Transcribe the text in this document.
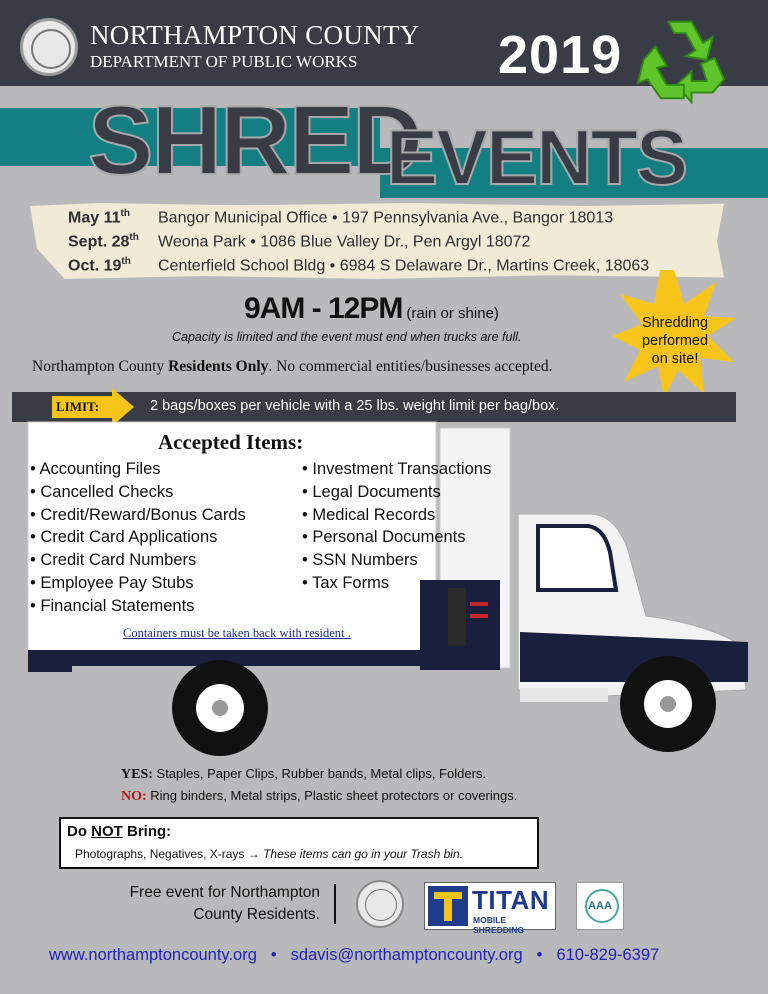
NORTHAMPTON COUNTY
DEPARTMENT OF PUBLIC WORKS	2019
SHRED
EVENTS
May 11th Bangor Municipal Office • 197 Pennsylvania Ave., Bangor 18013
Sept. 28th Weona Park • 1086 Blue Valley Dr., Pen Argyl 18072
Oct. 19th Centerfield School Bldg • 6984 S Delaware Dr., Martins Creek, 18063
9AM - 12PM (rain or shine)
Capacity is limited and the event must end when trucks are full.
Shredding
performed
on site!
Northampton County Residents Only. No commercial entities/businesses accepted.
LIMIT:	2 bags/boxes per vehicle with a 25 lbs. weight limit per bag/box.
Accepted Items:
• Accounting Files
• Cancelled Checks
• Credit/Reward/Bonus Cards
• Credit Card Applications
• Credit Card Numbers
• Employee Pay Stubs
• Financial Statements
• Investment Transactions
• Legal Documents
• Medical Records
• Personal Documents
• SSN Numbers
• Tax Forms
Containers must be taken back with resident .
YES: Staples, Paper Clips, Rubber bands, Metal clips, Folders.
NO: Ring binders, Metal strips, Plastic sheet protectors or coverings.
Do NOT Bring:
Photographs, Negatives, X-rays → These items can go in your Trash bin.
Free event for Northampton
County Residents.	TITAN
MOBILE SHREDDING
AAA
www.northamptoncounty.org • sdavis@northamptoncounty.org • 610-829-6397
